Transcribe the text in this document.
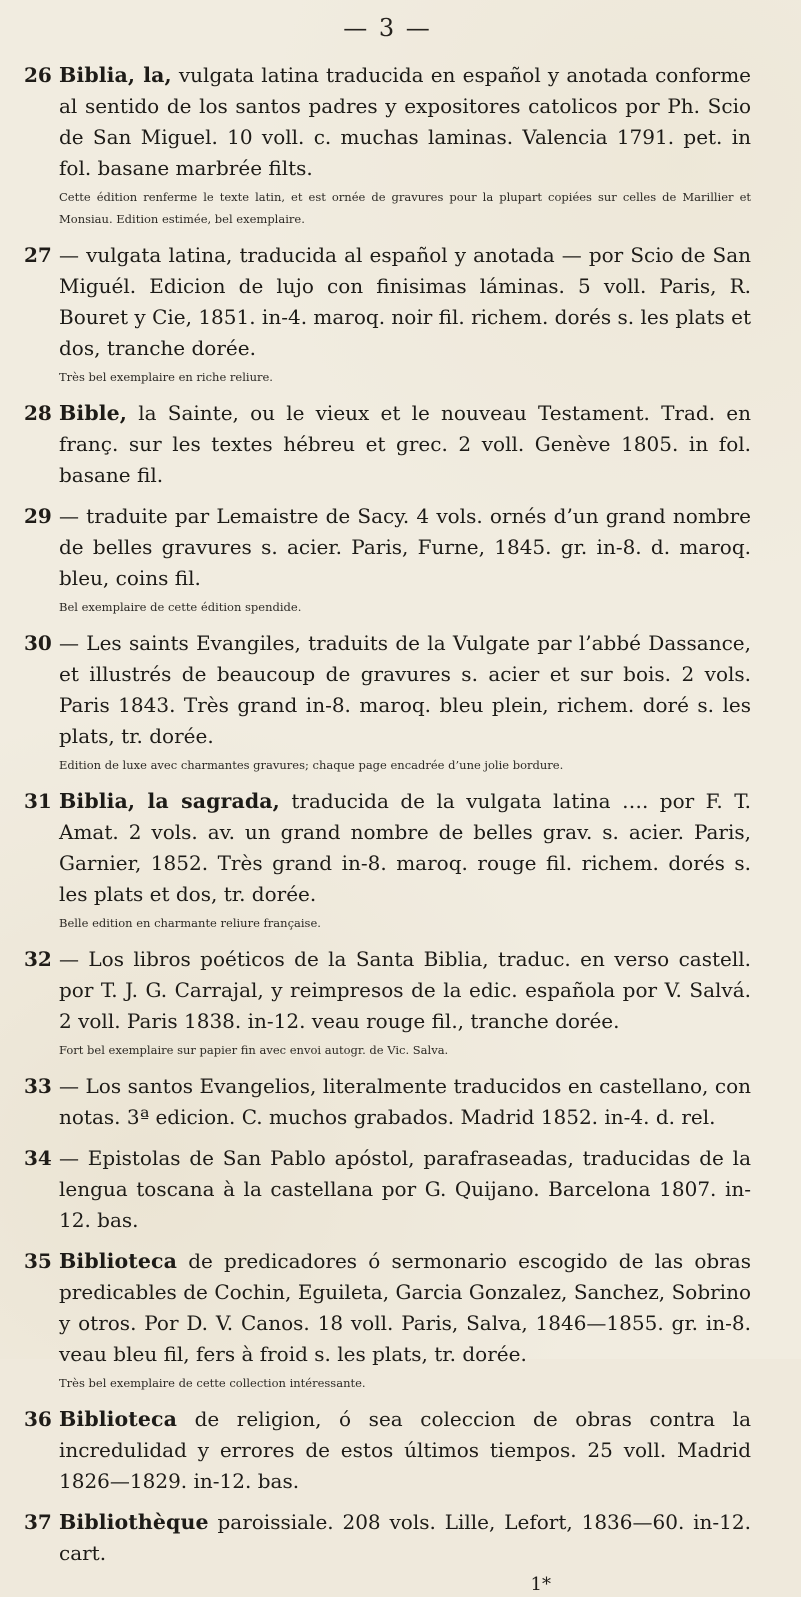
— 3 —
26 Biblia, la, vulgata latina traducida en español y anotada conforme al sentido de los santos padres y expositores catolicos por Ph. Scio de San Miguel. 10 voll. c. muchas laminas. Valencia 1791. pet. in fol. basane marbrée filts.
Cette édition renferme le texte latin, et est ornée de gravures pour la plupart copiées sur celles de Marillier et Monsiau. Edition estimée, bel exemplaire.
27 — vulgata latina, traducida al español y anotada — por Scio de San Miguél. Edicion de lujo con finisimas láminas. 5 voll. Paris, R. Bouret y Cie, 1851. in-4. maroq. noir fil. richem. dorés s. les plats et dos, tranche dorée.
Très bel exemplaire en riche reliure.
28 Bible, la Sainte, ou le vieux et le nouveau Testament. Trad. en franç. sur les textes hébreu et grec. 2 voll. Genève 1805. in fol. basane fil.
29 — traduite par Lemaistre de Sacy. 4 vols. ornés d’un grand nombre de belles gravures s. acier. Paris, Furne, 1845. gr. in-8. d. maroq. bleu, coins fil.
Bel exemplaire de cette édition spendide.
30 — Les saints Evangiles, traduits de la Vulgate par l’abbé Dassance, et illustrés de beaucoup de gravures s. acier et sur bois. 2 vols. Paris 1843. Très grand in-8. maroq. bleu plein, richem. doré s. les plats, tr. dorée.
Edition de luxe avec charmantes gravures; chaque page encadrée d’une jolie bordure.
31 Biblia, la sagrada, traducida de la vulgata latina …. por F. T. Amat. 2 vols. av. un grand nombre de belles grav. s. acier. Paris, Garnier, 1852. Très grand in-8. maroq. rouge fil. richem. dorés s. les plats et dos, tr. dorée.
Belle edition en charmante reliure française.
32 — Los libros poéticos de la Santa Biblia, traduc. en verso castell. por T. J. G. Carrajal, y reimpresos de la edic. española por V. Salvá. 2 voll. Paris 1838. in-12. veau rouge fil., tranche dorée.
Fort bel exemplaire sur papier fin avec envoi autogr. de Vic. Salva.
33 — Los santos Evangelios, literalmente traducidos en castellano, con notas. 3ª edicion. C. muchos grabados. Madrid 1852. in-4. d. rel.
34 — Epistolas de San Pablo apóstol, parafraseadas, traducidas de la lengua toscana à la castellana por G. Quijano. Barcelona 1807. in-12. bas.
35 Biblioteca de predicadores ó sermonario escogido de las obras predicables de Cochin, Eguileta, Garcia Gonzalez, Sanchez, Sobrino y otros. Por D. V. Canos. 18 voll. Paris, Salva, 1846—1855. gr. in-8. veau bleu fil, fers à froid s. les plats, tr. dorée.
Très bel exemplaire de cette collection intéressante.
36 Biblioteca de religion, ó sea coleccion de obras contra la incredulidad y errores de estos últimos tiempos. 25 voll. Madrid 1826—1829. in-12. bas.
37 Bibliothèque paroissiale. 208 vols. Lille, Lefort, 1836—60. in-12. cart.
1*
